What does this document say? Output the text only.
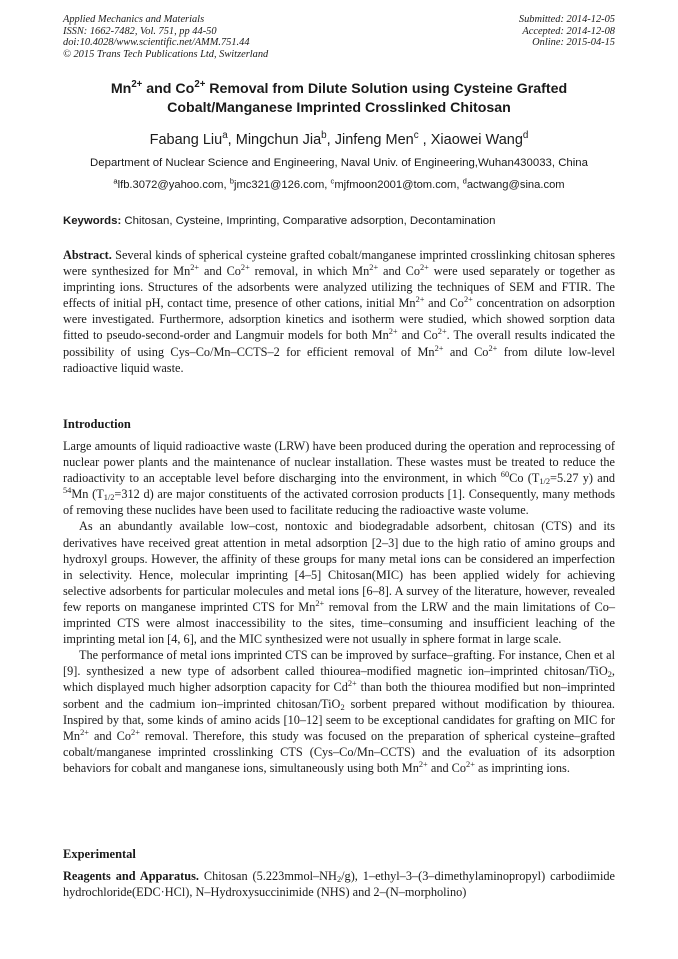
Applied Mechanics and Materials
ISSN: 1662-7482, Vol. 751, pp 44-50
doi:10.4028/www.scientific.net/AMM.751.44
© 2015 Trans Tech Publications Ltd, Switzerland
Submitted: 2014-12-05
Accepted: 2014-12-08
Online: 2015-04-15
$Mn^{2+}$ and $Co^{2+}$ Removal from Dilute Solution using Cysteine Grafted
Cobalt/Manganese Imprinted Crosslinked Chitosan
Fabang Liu$^a$, Mingchun Jia$^b$, Jinfeng Men$^c$ , Xiaowei Wang$^d$
Department of Nuclear Science and Engineering, Naval Univ. of Engineering,Wuhan430033, China
$^a$lfb.3072@yahoo.com, $^b$jmc321@126.com, $^c$mjfmoon2001@tom.com, $^d$actwang@sina.com
Keywords: Chitosan, Cysteine, Imprinting, Comparative adsorption, Decontamination

Abstract. Several kinds of spherical cysteine grafted cobalt/manganese imprinted crosslinking chitosan spheres were synthesized for $Mn^{2+}$ and $Co^{2+}$ removal, in which $Mn^{2+}$ and $Co^{2+}$ were used separately or together as imprinting ions. Structures of the adsorbents were analyzed utilizing the techniques of SEM and FTIR. The effects of initial pH, contact time, presence of other cations, initial $Mn^{2+}$ and $Co^{2+}$ concentration on adsorption were investigated. Furthermore, adsorption kinetics and isotherm were studied, which showed sorption data fitted to pseudo-second-order and Langmuir models for both $Mn^{2+}$ and $Co^{2+}$. The overall results indicated the possibility of using Cys–Co/Mn–CCTS–2 for efficient removal of $Mn^{2+}$ and $Co^{2+}$ from dilute low-level radioactive liquid waste.

Introduction

Large amounts of liquid radioactive waste (LRW) have been produced during the operation and reprocessing of nuclear power plants and the maintenance of nuclear installation. These wastes must be treated to reduce the radioactivity to an acceptable level before discharging into the environment, in which $^{60}$Co ($T_{1/2}=5.27$ y) and $^{54}$Mn ($T_{1/2}=312$ d) are major constituents of the activated corrosion products [1]. Consequently, many methods of removing these nuclides have been used to facilitate reducing the radioactive waste volume.

As an abundantly available low–cost, nontoxic and biodegradable adsorbent, chitosan (CTS) and its derivatives have received great attention in metal adsorption [2–3] due to the high ratio of amino groups and hydroxyl groups. However, the affinity of these groups for many metal ions can be considered an imperfection in selectivity. Hence, molecular imprinting [4–5] Chitosan(MIC) has been applied widely for achieving selective adsorbents for particular molecules and metal ions [6–8]. A survey of the literature, however, revealed few reports on manganese imprinted CTS for $Mn^{2+}$ removal from the LRW and the main limitations of Co–imprinted CTS were almost inaccessibility to the sites, time–consuming and insufficient leaching of the imprinting metal ion [4, 6], and the MIC synthesized were not usually in sphere format in large scale.

The performance of metal ions imprinted CTS can be improved by surface–grafting. For instance, Chen et al [9]. synthesized a new type of adsorbent called thiourea–modified magnetic ion–imprinted chitosan/TiO$_2$, which displayed much higher adsorption capacity for $Cd^{2+}$ than both the thiourea modified but non–imprinted sorbent and the cadmium ion–imprinted chitosan/TiO$_2$ sorbent prepared without modification by thiourea. Inspired by that, some kinds of amino acids [10–12] seem to be exceptional candidates for grafting on MIC for $Mn^{2+}$ and $Co^{2+}$ removal. Therefore, this study was focused on the preparation of spherical cysteine–grafted cobalt/manganese imprinted crosslinking CTS (Cys–Co/Mn–CCTS) and the evaluation of its adsorption behaviors for cobalt and manganese ions, simultaneously using both $Mn^{2+}$ and $Co^{2+}$ as imprinting ions.

Experimental

Reagents and Apparatus. Chitosan $(5.223mmol-NH_2/g)$, 1–ethyl–3–(3–dimethylaminopropyl) carbodiimide hydrochloride(EDC·HCl), N–Hydroxysuccinimide (NHS) and 2–(N–morpholino)
